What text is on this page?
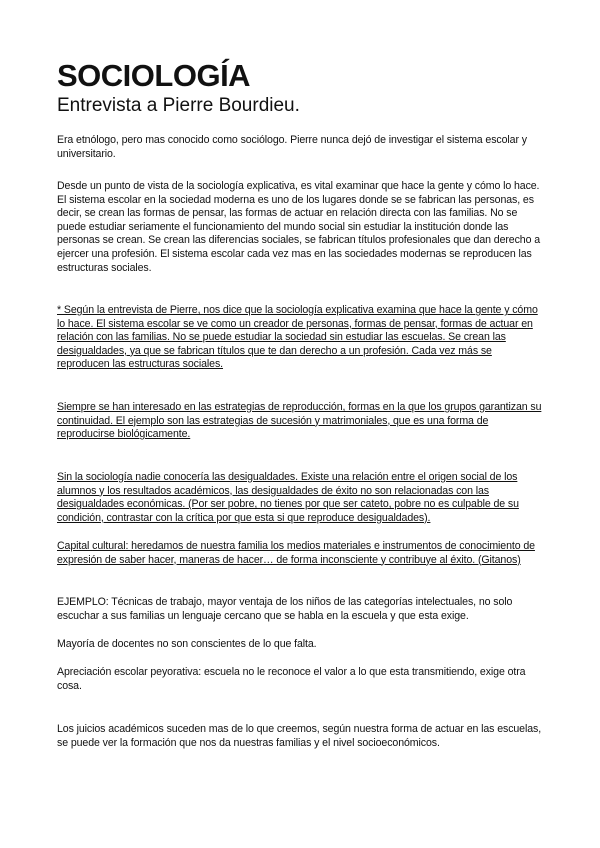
SOCIOLOGÍA
Entrevista a Pierre Bourdieu.

Era etnólogo, pero mas conocido como sociólogo. Pierre nunca dejó de investigar el sistema escolar y universitario.

Desde un punto de vista de la sociología explicativa, es vital examinar que hace la gente y cómo lo hace. El sistema escolar en la sociedad moderna es uno de los lugares donde se se fabrican las personas, es decir, se crean las formas de pensar, las formas de actuar en relación directa con las familias. No se puede estudiar seriamente el funcionamiento del mundo social sin estudiar la institución donde las personas se crean. Se crean las diferencias sociales, se fabrican títulos profesionales que dan derecho a ejercer una profesión. El sistema escolar cada vez mas en las sociedades modernas se reproducen las estructuras sociales.

* Según la entrevista de Pierre, nos dice que la sociología explicativa examina que hace la gente y cómo lo hace. El sistema escolar se ve como un creador de personas, formas de pensar, formas de actuar en relación con las familias. No se puede estudiar la sociedad sin estudiar las escuelas. Se crean las desigualdades, ya que se fabrican títulos que te dan derecho a un profesión. Cada vez más se reproducen las estructuras sociales.

Siempre se han interesado en las estrategias de reproducción, formas en la que los grupos garantizan su continuidad. El ejemplo son las estrategias de sucesión y matrimoniales, que es una forma de reproducirse biológicamente.

Sin la sociología nadie conocería las desigualdades. Existe una relación entre el origen social de los alumnos y los resultados académicos, las desigualdades de éxito no son relacionadas con las desigualdades económicas. (Por ser pobre, no tienes por que ser cateto, pobre no es culpable de su condición, contrastar con la crítica por que esta si que reproduce desigualdades).

Capital cultural: heredamos de nuestra familia los medios materiales e instrumentos de conocimiento de expresión de saber hacer, maneras de hacer… de forma inconsciente y contribuye al éxito. (Gitanos)

EJEMPLO: Técnicas de trabajo, mayor ventaja de los niños de las categorías intelectuales, no solo escuchar a sus familias un lenguaje cercano que se habla en la escuela y que esta exige.

Mayoría de docentes no son conscientes de lo que falta.

Apreciación escolar peyorativa: escuela no le reconoce el valor a lo que esta transmitiendo, exige otra cosa.

Los juicios académicos suceden mas de lo que creemos, según nuestra forma de actuar en las escuelas, se puede ver la formación que nos da nuestras familias y el nivel socioeconómicos.
